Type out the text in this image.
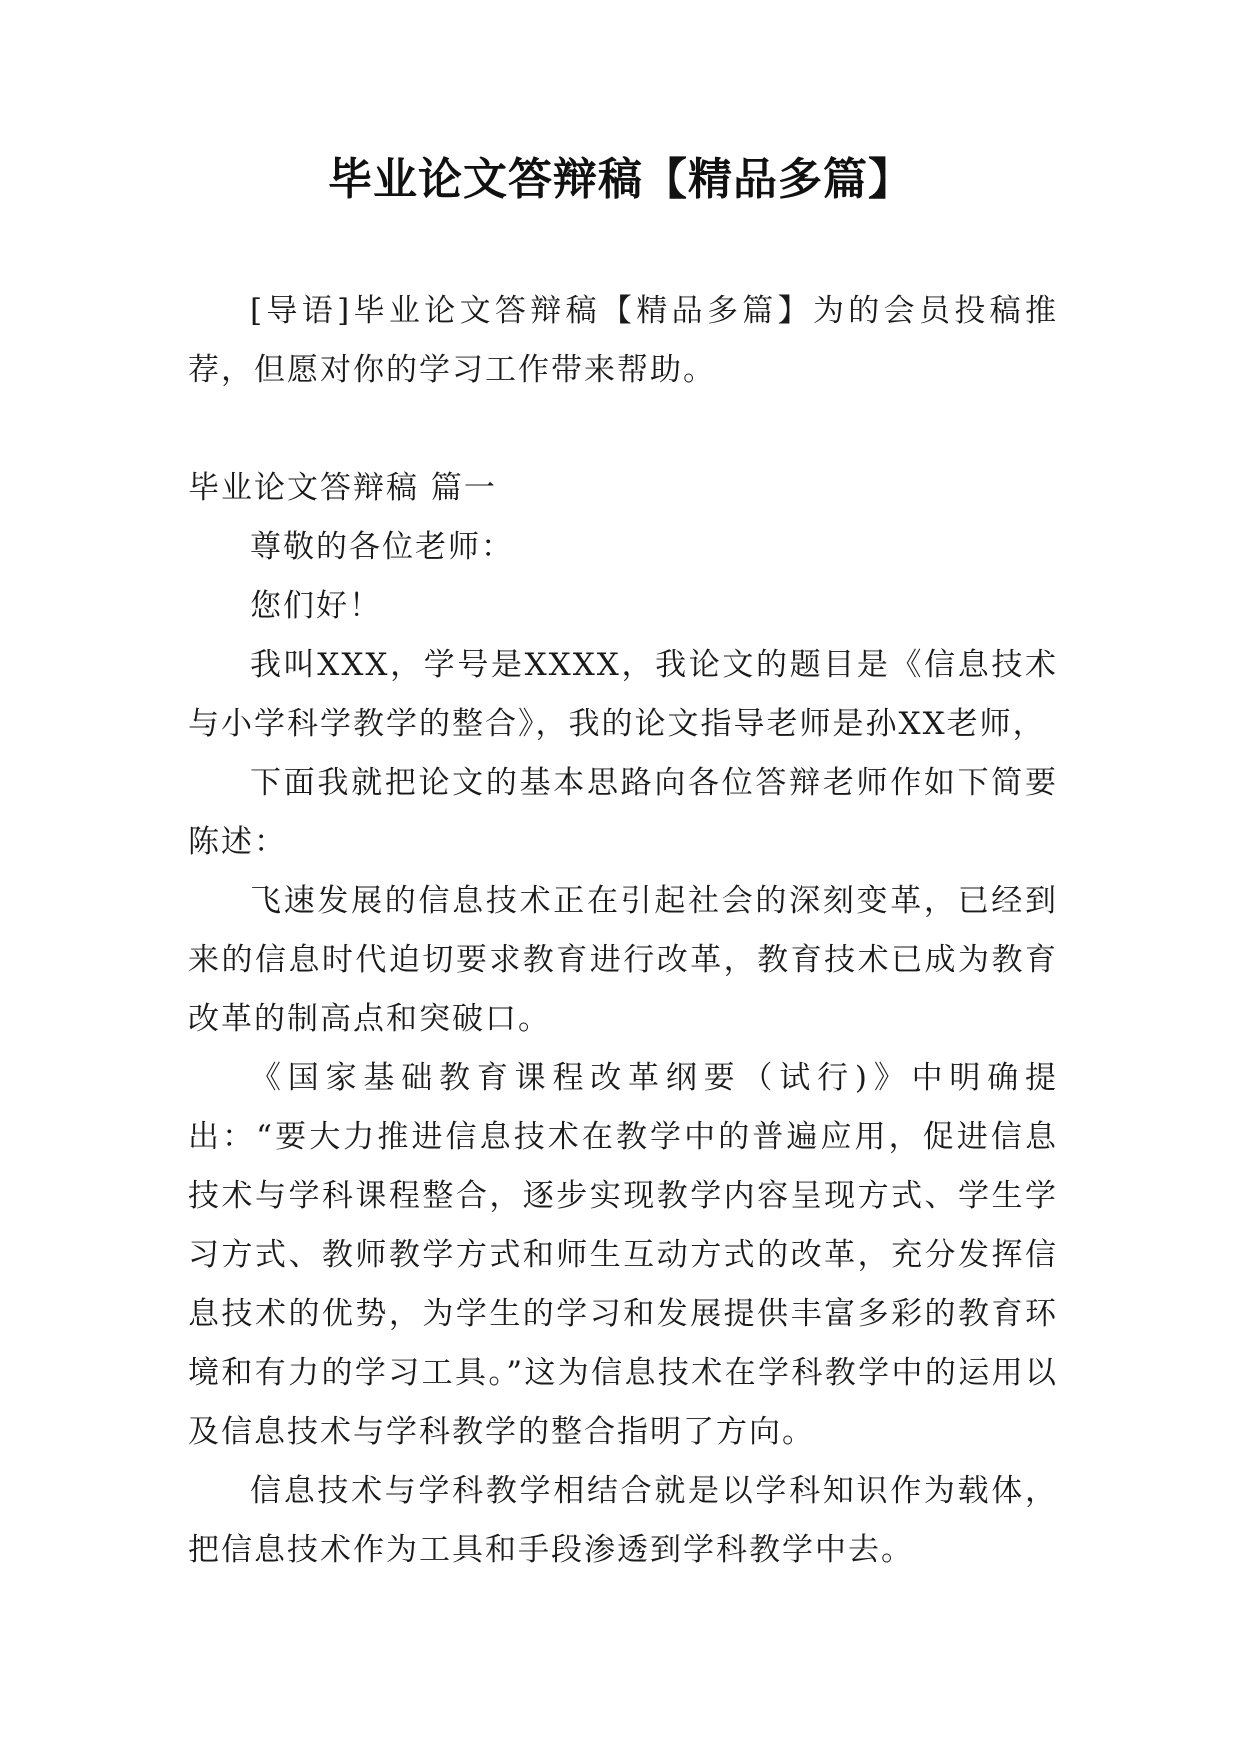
毕业论文答辩稿【精品多篇】

[导语]毕业论文答辩稿【精品多篇】为的会员投稿推荐，但愿对你的学习工作带来帮助。

毕业论文答辩稿 篇一

尊敬的各位老师：

您们好！

我叫XXX，学号是XXXX，我论文的题目是《信息技术与小学科学教学的整合》，我的论文指导老师是孙XX老师，

下面我就把论文的基本思路向各位答辩老师作如下简要陈述：

飞速发展的信息技术正在引起社会的深刻变革，已经到来的信息时代迫切要求教育进行改革，教育技术已成为教育改革的制高点和突破口。

《国家基础教育课程改革纲要（试行)》中明确提出：“要大力推进信息技术在教学中的普遍应用，促进信息技术与学科课程整合，逐步实现教学内容呈现方式、学生学习方式、教师教学方式和师生互动方式的改革，充分发挥信息技术的优势，为学生的学习和发展提供丰富多彩的教育环境和有力的学习工具。”这为信息技术在学科教学中的运用以及信息技术与学科教学的整合指明了方向。

信息技术与学科教学相结合就是以学科知识作为载体，把信息技术作为工具和手段渗透到学科教学中去。
